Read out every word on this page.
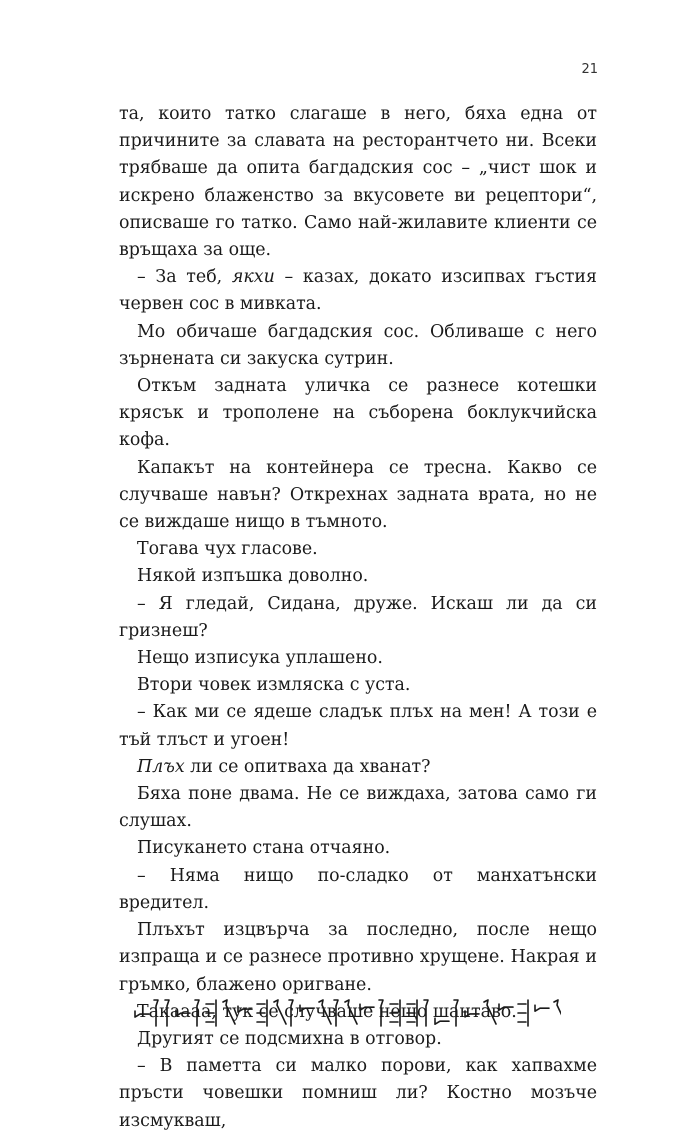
21

та, които татко слагаше в него, бяха една от причините за славата на ресторантчето ни. Всеки трябваше да опита багдадския сос – „чист шок и искрено блаженство за вкусовете ви рецептори“, описваше го татко. Само най-жилавите клиенти се връщаха за още.

– За теб, якхи – казах, докато изсипвах гъстия червен сос в мивката.

Мо обичаше багдадския сос. Обливаше с него зърнената си закуска сутрин.

Откъм задната уличка се разнесе котешки крясък и трополене на съборена боклукчийска кофа.

Капакът на контейнера се тресна. Какво се случваше навън? Открехнах задната врата, но не се виждаше нищо в тъмното.

Тогава чух гласове.

Някой изпъшка доволно.

– Я гледай, Сидана, друже. Искаш ли да си гризнеш?

Нещо изписука уплашено.

Втори човек измляска с уста.

– Как ми се ядеше сладък плъх на мен! А този е тъй тлъст и угоен!

Плъх ли се опитваха да хванат?

Бяха поне двама. Не се виждаха, затова само ги слушах.

Писукането стана отчаяно.

– Няма нищо по-сладко от манхатънски вредител.

Плъхът изцвърча за последно, после нещо изпраща и се разнесе противно хрущене. Накрая и гръмко, блажено оригване.

Такаааа, тук се случваше нещо шантаво.

Другият се подсмихна в отговор.

– В паметта си малко порови, как хапвахме пръсти човешки помниш ли? Костно мозъче изсмукваш,
